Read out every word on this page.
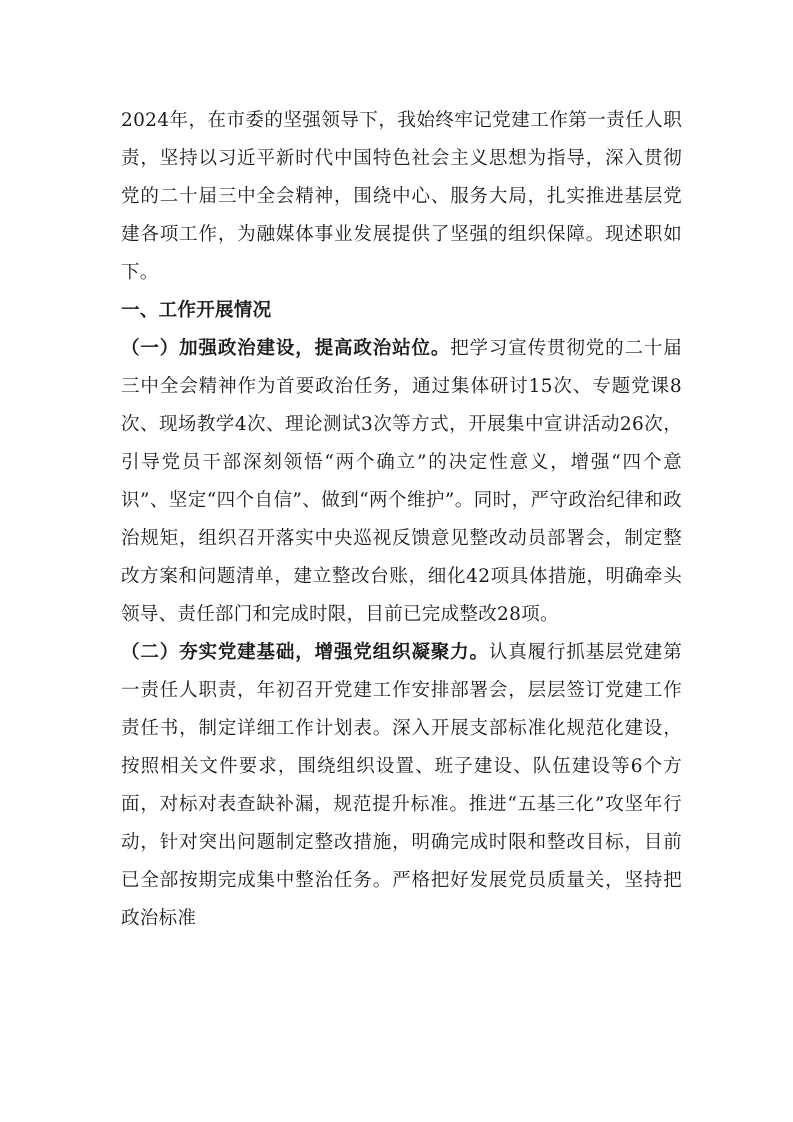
2024年，在市委的坚强领导下，我始终牢记党建工作第一责任人职责，坚持以习近平新时代中国特色社会主义思想为指导，深入贯彻党的二十届三中全会精神，围绕中心、服务大局，扎实推进基层党建各项工作，为融媒体事业发展提供了坚强的组织保障。现述职如下。

一、工作开展情况

（一）加强政治建设，提高政治站位。把学习宣传贯彻党的二十届三中全会精神作为首要政治任务，通过集体研讨15次、专题党课8次、现场教学4次、理论测试3次等方式，开展集中宣讲活动26次，引导党员干部深刻领悟“两个确立”的决定性意义，增强“四个意识”、坚定“四个自信”、做到“两个维护”。同时，严守政治纪律和政治规矩，组织召开落实中央巡视反馈意见整改动员部署会，制定整改方案和问题清单，建立整改台账，细化42项具体措施，明确牵头领导、责任部门和完成时限，目前已完成整改28项。

（二）夯实党建基础，增强党组织凝聚力。认真履行抓基层党建第一责任人职责，年初召开党建工作安排部署会，层层签订党建工作责任书，制定详细工作计划表。深入开展支部标准化规范化建设，按照相关文件要求，围绕组织设置、班子建设、队伍建设等6个方面，对标对表查缺补漏，规范提升标准。推进“五基三化”攻坚年行动，针对突出问题制定整改措施，明确完成时限和整改目标，目前已全部按期完成集中整治任务。严格把好发展党员质量关，坚持把政治标准
